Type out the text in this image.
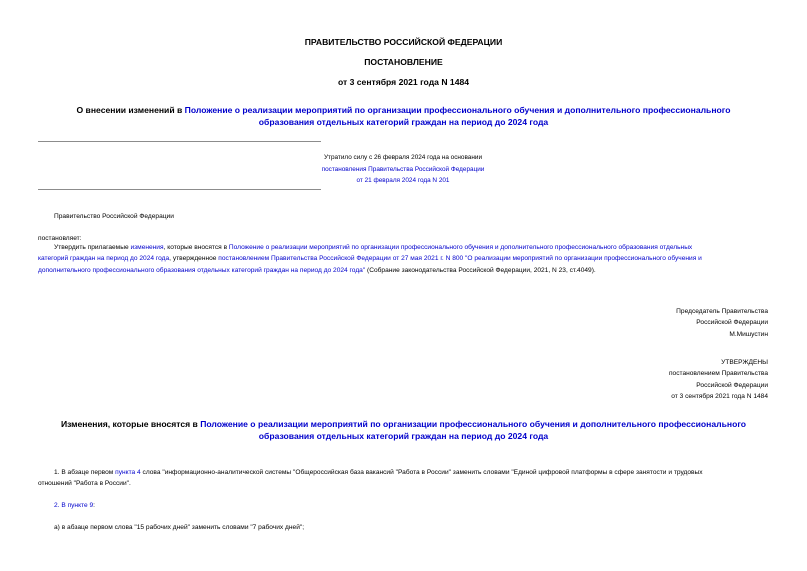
ПРАВИТЕЛЬСТВО РОССИЙСКОЙ ФЕДЕРАЦИИ
ПОСТАНОВЛЕНИЕ
от 3 сентября 2021 года N 1484
О внесении изменений в Положение о реализации мероприятий по организации профессионального обучения и дополнительного профессионального
образования отдельных категорий граждан на период до 2024 года
Утратило силу с 26 февраля 2024 года на основании
постановления Правительства Российской Федерации
от 21 февраля 2024 года N 201
Правительство Российской Федерации
постановляет:
Утвердить прилагаемые изменения, которые вносятся в Положение о реализации мероприятий по организации профессионального обучения и дополнительного профессионального образования отдельных
категорий граждан на период до 2024 года, утвержденное постановлением Правительства Российской Федерации от 27 мая 2021 г. N 800 "О реализации мероприятий по организации профессионального обучения и
дополнительного профессионального образования отдельных категорий граждан на период до 2024 года" (Собрание законодательства Российской Федерации, 2021, N 23, ст.4049).
Председатель Правительства
Российской Федерации
М.Мишустин
УТВЕРЖДЕНЫ
постановлением Правительства
Российской Федерации
от 3 сентября 2021 года N 1484
Изменения, которые вносятся в Положение о реализации мероприятий по организации профессионального обучения и дополнительного профессионального
образования отдельных категорий граждан на период до 2024 года
1. В абзаце первом пункта 4 слова "информационно-аналитической системы "Общероссийская база вакансий "Работа в России" заменить словами "Единой цифровой платформы в сфере занятости и трудовых
отношений "Работа в России".
2. В пункте 9:
а) в абзаце первом слова "15 рабочих дней" заменить словами "7 рабочих дней";
